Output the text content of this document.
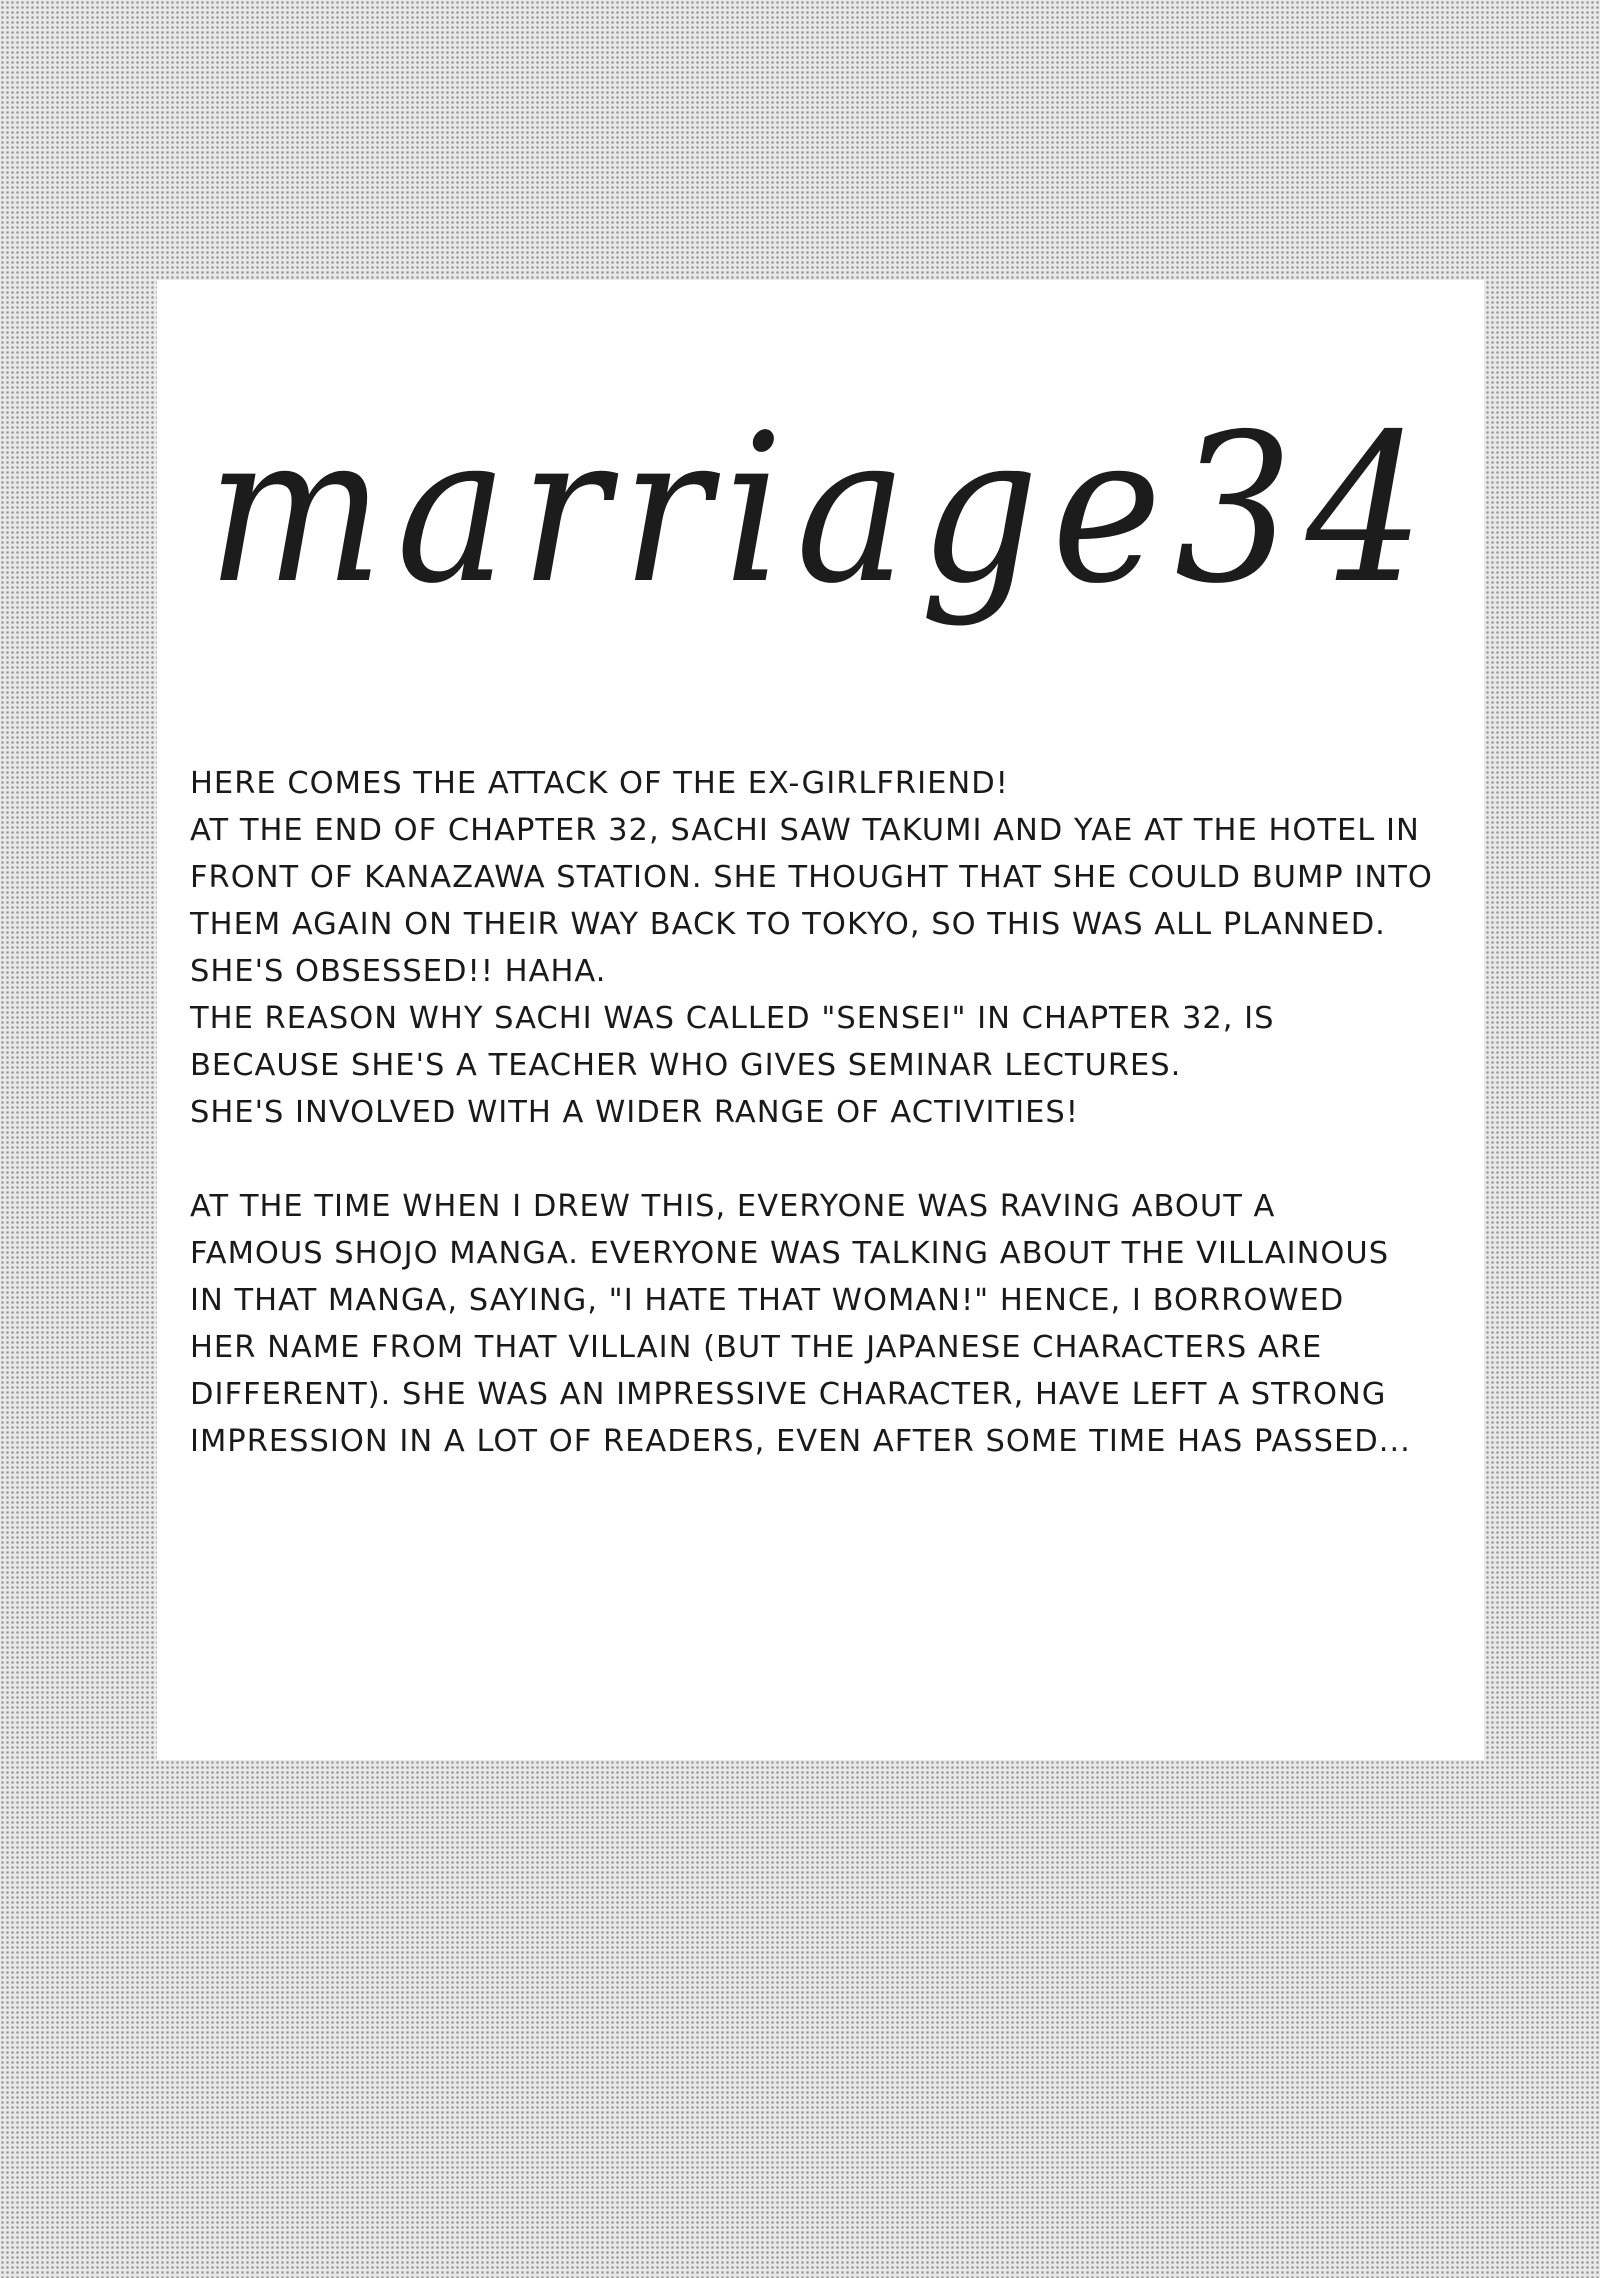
marriage34

HERE COMES THE ATTACK OF THE EX-GIRLFRIEND!
AT THE END OF CHAPTER 32, SACHI SAW TAKUMI AND YAE AT THE HOTEL IN
FRONT OF KANAZAWA STATION. SHE THOUGHT THAT SHE COULD BUMP INTO
THEM AGAIN ON THEIR WAY BACK TO TOKYO, SO THIS WAS ALL PLANNED.
SHE'S OBSESSED!! HAHA.
THE REASON WHY SACHI WAS CALLED "SENSEI" IN CHAPTER 32, IS
BECAUSE SHE'S A TEACHER WHO GIVES SEMINAR LECTURES.
SHE'S INVOLVED WITH A WIDER RANGE OF ACTIVITIES!

AT THE TIME WHEN I DREW THIS, EVERYONE WAS RAVING ABOUT A
FAMOUS SHOJO MANGA. EVERYONE WAS TALKING ABOUT THE VILLAINOUS
IN THAT MANGA, SAYING, "I HATE THAT WOMAN!" HENCE, I BORROWED
HER NAME FROM THAT VILLAIN (BUT THE JAPANESE CHARACTERS ARE
DIFFERENT). SHE WAS AN IMPRESSIVE CHARACTER, HAVE LEFT A STRONG
IMPRESSION IN A LOT OF READERS, EVEN AFTER SOME TIME HAS PASSED...
